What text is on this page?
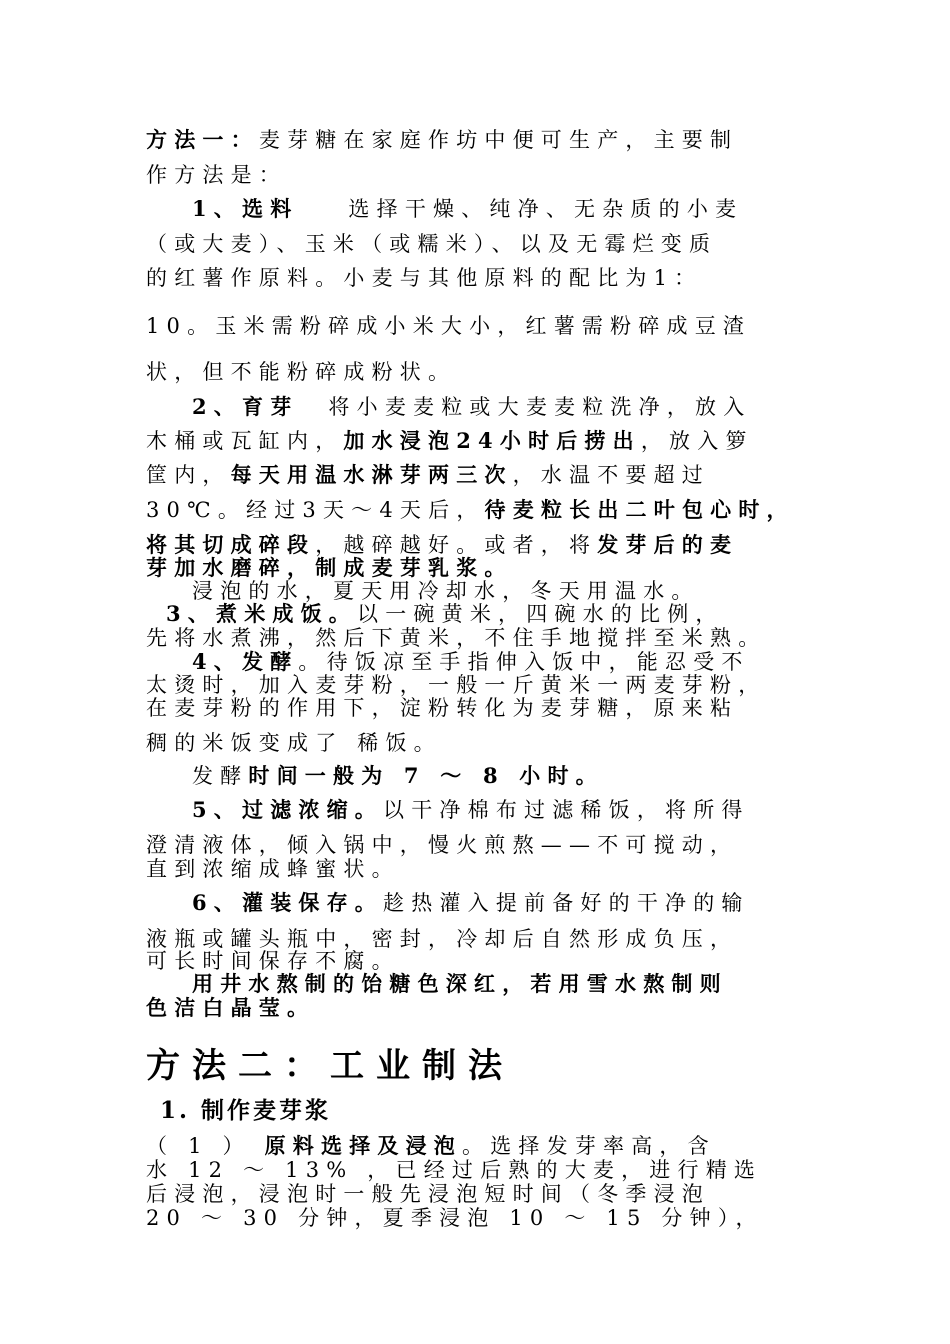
方法一：麦芽糖在家庭作坊中便可生产，主要制
作方法是：
1、选料 选择干燥、纯净、无杂质的小麦
（或大麦）、玉米（或糯米）、以及无霉烂变质
的红薯作原料。小麦与其他原料的配比为1：
10。玉米需粉碎成小米大小，红薯需粉碎成豆渣
状，但不能粉碎成粉状。
2、育芽 将小麦麦粒或大麦麦粒洗净，放入
木桶或瓦缸内，加水浸泡24小时后捞出，放入箩
筐内，每天用温水淋芽两三次，水温不要超过
30℃。经过3天～4天后，待麦粒长出二叶包心时，
将其切成碎段，越碎越好。或者，将发芽后的麦
芽加水磨碎，制成麦芽乳浆。
浸泡的水，夏天用冷却水，冬天用温水。
3、煮米成饭。以一碗黄米，四碗水的比例，
先将水煮沸，然后下黄米，不住手地搅拌至米熟。
4、发酵。待饭凉至手指伸入饭中，能忍受不
太烫时，加入麦芽粉，一般一斤黄米一两麦芽粉，
在麦芽粉的作用下，淀粉转化为麦芽糖，原来粘
稠的米饭变成了 稀饭。
发酵时间一般为 7 ～ 8 小时。
5、过滤浓缩。以干净棉布过滤稀饭，将所得
澄清液体，倾入锅中，慢火煎熬——不可搅动，
直到浓缩成蜂蜜状。
6、灌装保存。趁热灌入提前备好的干净的输
液瓶或罐头瓶中，密封，冷却后自然形成负压，
可长时间保存不腐。
用井水熬制的饴糖色深红，若用雪水熬制则
色洁白晶莹。
方法二：工业制法
1. 制作麦芽浆
（ 1 ） 原料选择及浸泡。选择发芽率高，含
水 12 ～ 13% ，已经过后熟的大麦，进行精选
后浸泡，浸泡时一般先浸泡短时间（冬季浸泡
20 ～ 30 分钟，夏季浸泡 10 ～ 15 分钟），
